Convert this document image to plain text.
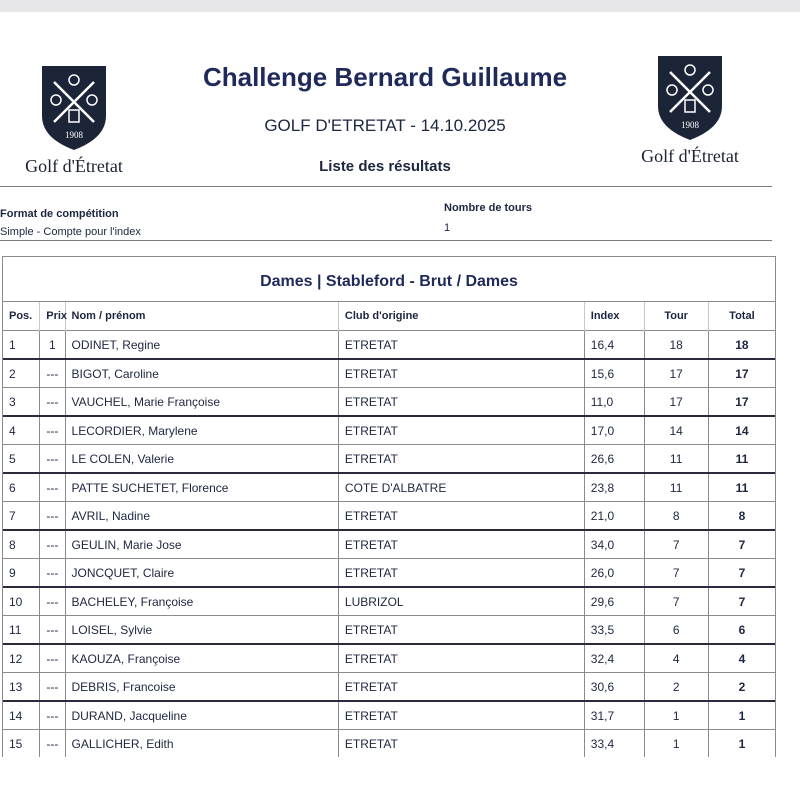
1908
Golf d'Étretat
1908
Golf d'Étretat
Challenge Bernard Guillaume
GOLF D'ETRETAT - 14.10.2025
Liste des résultats
Format de compétition
Simple - Compte pour l'index
Nombre de tours
1
Dames | Stableford - Brut / Dames
Pos.	Prix	Nom / prénom	Club d'origine	Index	Tour	Total
1	1	ODINET, Regine	ETRETAT	16,4	18	18
2	---	BIGOT, Caroline	ETRETAT	15,6	17	17
3	---	VAUCHEL, Marie Françoise	ETRETAT	11,0	17	17
4	---	LECORDIER, Marylene	ETRETAT	17,0	14	14
5	---	LE COLEN, Valerie	ETRETAT	26,6	11	11
6	---	PATTE SUCHETET, Florence	COTE D'ALBATRE	23,8	11	11
7	---	AVRIL, Nadine	ETRETAT	21,0	8	8
8	---	GEULIN, Marie Jose	ETRETAT	34,0	7	7
9	---	JONCQUET, Claire	ETRETAT	26,0	7	7
10	---	BACHELEY, Françoise	LUBRIZOL	29,6	7	7
11	---	LOISEL, Sylvie	ETRETAT	33,5	6	6
12	---	KAOUZA, Françoise	ETRETAT	32,4	4	4
13	---	DEBRIS, Francoise	ETRETAT	30,6	2	2
14	---	DURAND, Jacqueline	ETRETAT	31,7	1	1
15	---	GALLICHER, Edith	ETRETAT	33,4	1	1
